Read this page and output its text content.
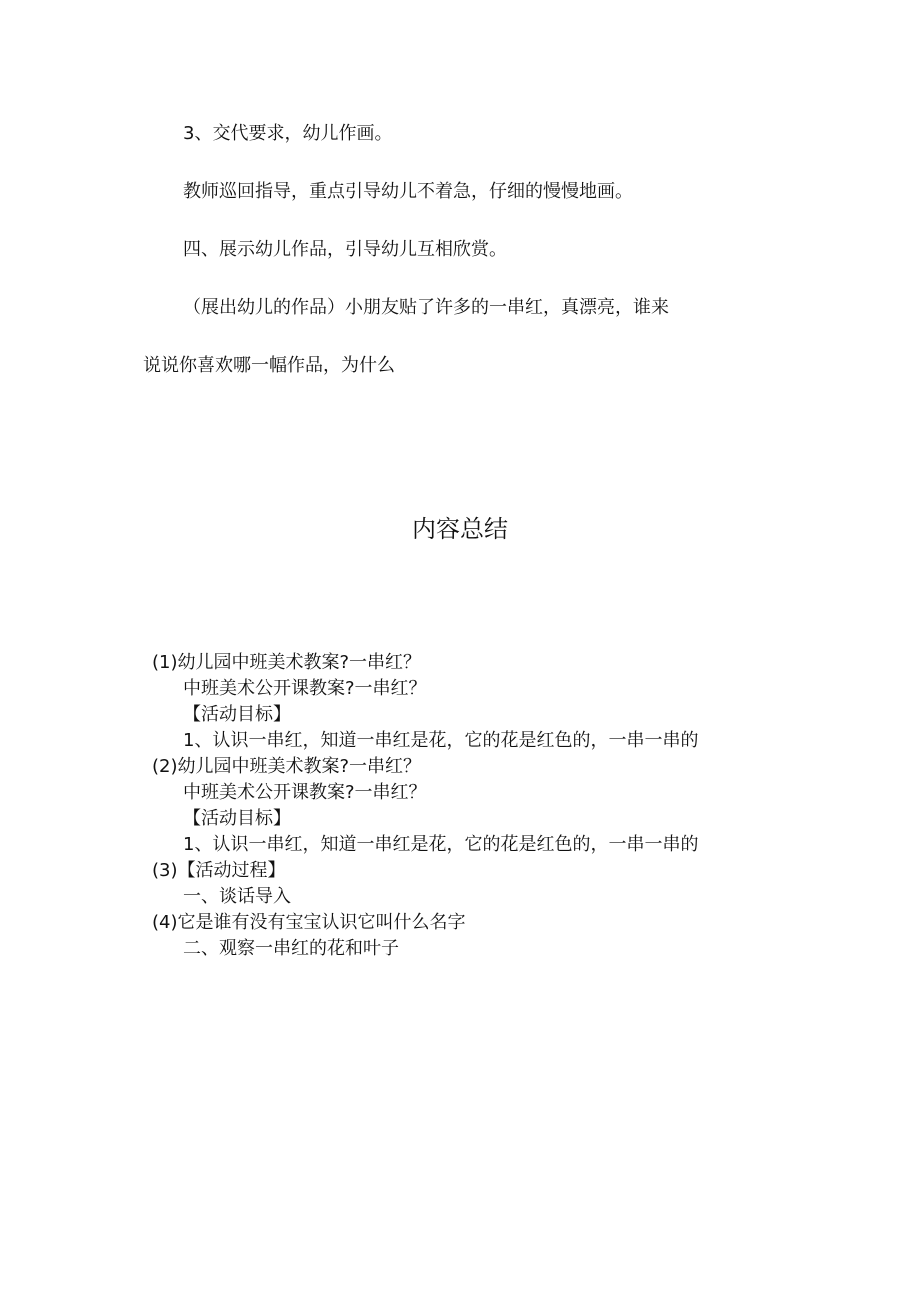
3、交代要求，幼儿作画。

教师巡回指导，重点引导幼儿不着急，仔细的慢慢地画。

四、展示幼儿作品，引导幼儿互相欣赏。

（展出幼儿的作品）小朋友贴了许多的一串红，真漂亮，谁来

说说你喜欢哪一幅作品，为什么

内容总结

(1)幼儿园中班美术教案?一串红？

中班美术公开课教案?一串红？

【活动目标】

1、认识一串红，知道一串红是花，它的花是红色的，一串一串的

(2)幼儿园中班美术教案?一串红？

中班美术公开课教案?一串红？

【活动目标】

1、认识一串红，知道一串红是花，它的花是红色的，一串一串的

(3)【活动过程】

一、谈话导入

(4)它是谁有没有宝宝认识它叫什么名字

二、观察一串红的花和叶子
